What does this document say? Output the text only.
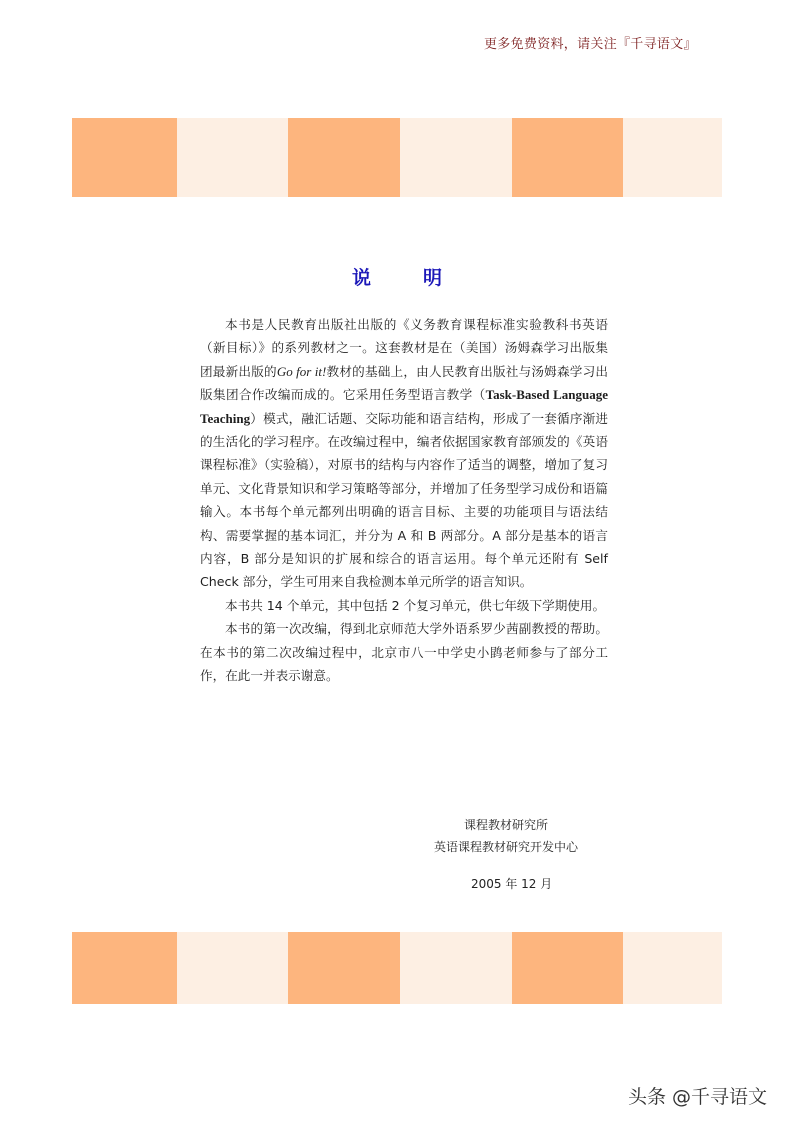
更多免费资料，请关注『千寻语文』
说	明

本书是人民教育出版社出版的《义务教育课程标准实验教科书英语（新目标）》的系列教材之一。这套教材是在（美国）汤姆森学习出版集团最新出版的Go for it!教材的基础上，由人民教育出版社与汤姆森学习出版集团合作改编而成的。它采用任务型语言教学（Task-Based Language Teaching）模式，融汇话题、交际功能和语言结构，形成了一套循序渐进的生活化的学习程序。在改编过程中，编者依据国家教育部颁发的《英语课程标准》（实验稿），对原书的结构与内容作了适当的调整，增加了复习单元、文化背景知识和学习策略等部分，并增加了任务型学习成份和语篇输入。本书每个单元都列出明确的语言目标、主要的功能项目与语法结构、需要掌握的基本词汇，并分为 A 和 B 两部分。A 部分是基本的语言内容，B 部分是知识的扩展和综合的语言运用。每个单元还附有 Self Check 部分，学生可用来自我检测本单元所学的语言知识。

本书共 14 个单元，其中包括 2 个复习单元，供七年级下学期使用。

本书的第一次改编，得到北京师范大学外语系罗少茜副教授的帮助。在本书的第二次改编过程中，北京市八一中学史小鹍老师参与了部分工作，在此一并表示谢意。

课程教材研究所
英语课程教材研究开发中心
2005 年 12 月
头条 @千寻语文
